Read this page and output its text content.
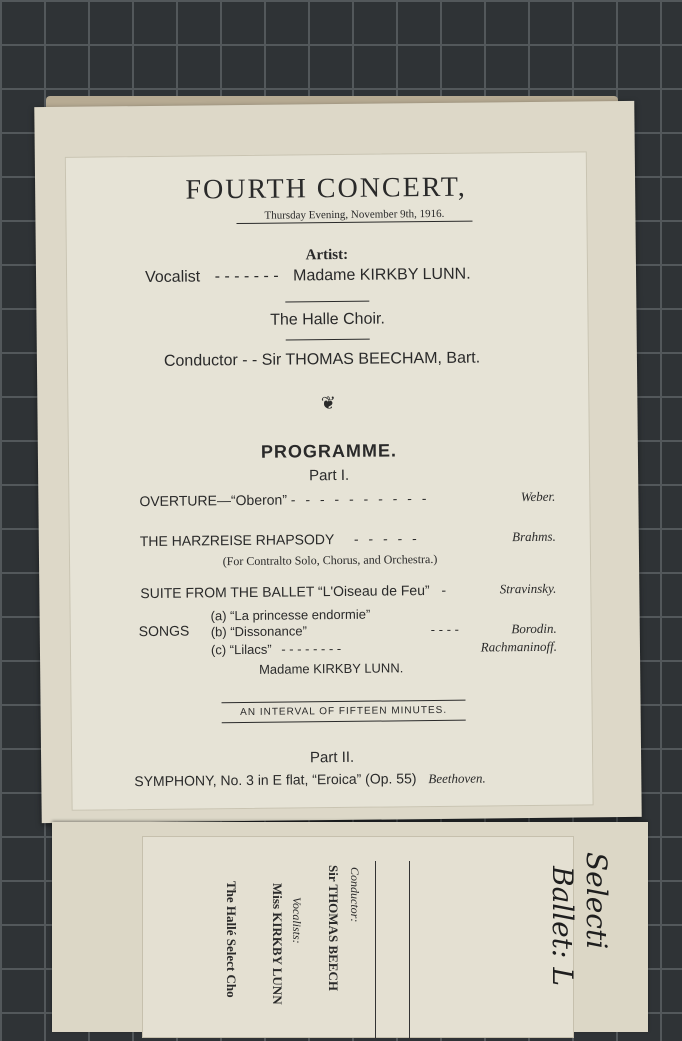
FOURTH CONCERT,
Thursday Evening, November 9th, 1916.
Artist:
Vocalist - - - - - - - Madame KIRKBY LUNN.
The Halle Choir.
Conductor - - Sir THOMAS BEECHAM, Bart.
❦
PROGRAMME.
Part I.
OVERTURE—“Oberon” - - - - - - - - - -	Weber.
THE HARZREISE RHAPSODY - - - - -	Brahms.
(For Contralto Solo, Chorus, and Orchestra.)
SUITE FROM THE BALLET “L'Oiseau de Feu” -	Stravinsky.
SONGS
(a) “La princesse endormie”
(b) “Dissonance”	- - - -	Borodin.
(c) “Lilacs” - - - - - - - -	Rachmaninoff.
Madame KIRKBY LUNN.
AN INTERVAL OF FIFTEEN MINUTES.
Part II.
SYMPHONY, No. 3 in E flat, “Eroica” (Op. 55) Beethoven.
Conductor:
Sir THOMAS BEECH
Vocalists:
Miss KIRKBY LUNN
The Hallé Select Cho	Selecti
Ballet: L
